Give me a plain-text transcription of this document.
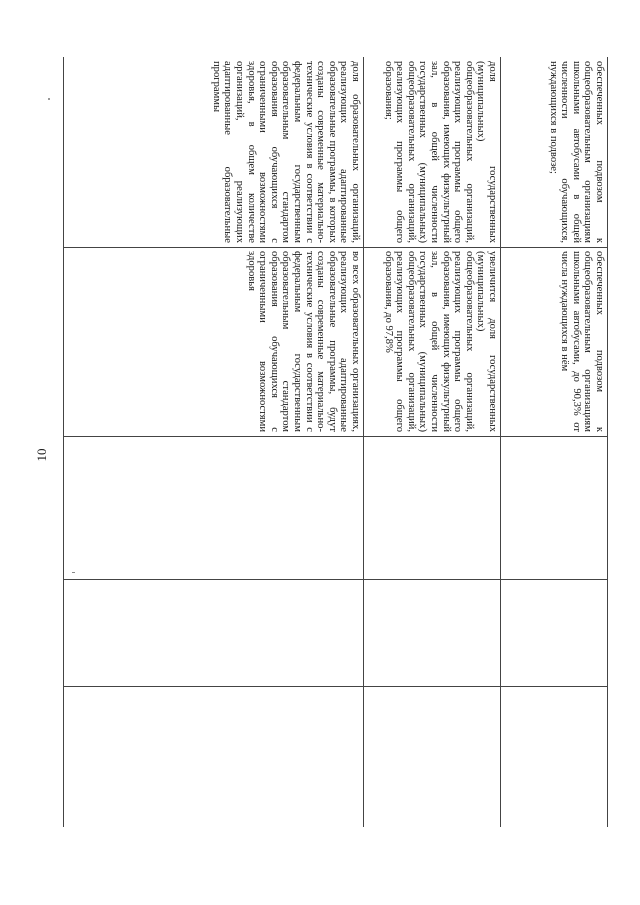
10
обеспеченных подвозом к общеобразовательным организациям школьными автобусами в общей численности обучающихся, нуждающихся в подвозе;
обеспеченных подвозом к общеобразовательным организациям школьными автобусами, до 90,3% от числа нуждающихся в нём
доля государственных (муниципальных) общеобразовательных организаций, реализующих программы общего образования, имеющих физкультурный зал, в общей численности государственных (муниципальных) общеобразовательных организаций, реализующих программы общего образования;
увеличится доля государственных (муниципальных) общеобразовательных организаций, реализующих программы общего образования, имеющих физкультурный зал, в общей численности государственных (муниципальных) общеобразовательных организаций, реализующих программы общего образования, до 97,8%
доля образовательных организаций, реализующих адаптированные образовательные программы, в которых созданы современные материально-технические условия в соответствии с федеральным государственным образовательным стандартом образования обучающихся с ограниченными возможностями здоровья, в общем количестве организаций, реализующих адаптированные образовательные программы
во всех образовательных организациях, реализующих адаптированные образовательные программы, будут созданы современные материально-технические условия в соответствии с федеральным государственным образовательным стандартом образования обучающихся с ограниченными возможностями здоровья
